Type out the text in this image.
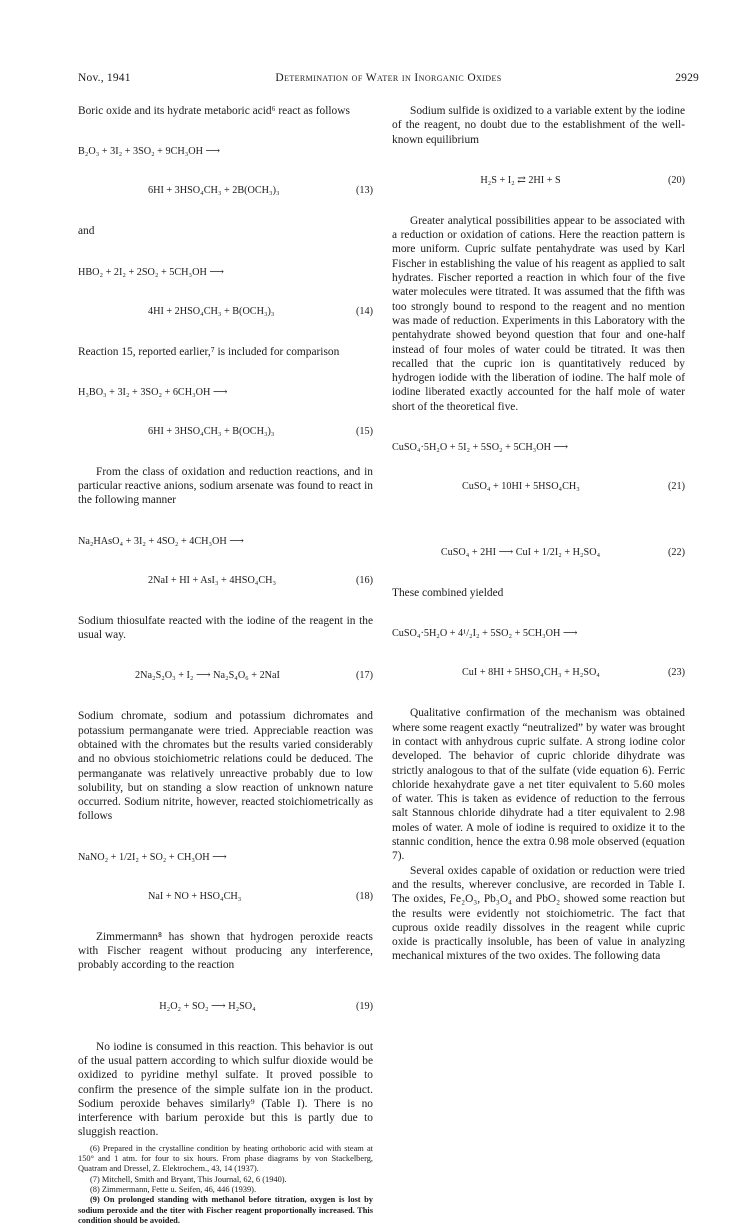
Nov., 1941	Determination of Water in Inorganic Oxides	2929

Boric oxide and its hydrate metaboric acid⁶ react as follows

B₂O₃ + 3I₂ + 3SO₂ + 9CH₃OH ⟶

6HI + 3HSO₄CH₃ + 2B(OCH₃)₃	(13)

and

HBO₂ + 2I₂ + 2SO₂ + 5CH₃OH ⟶

4HI + 2HSO₄CH₃ + B(OCH₃)₃	(14)

Reaction 15, reported earlier,⁷ is included for comparison

H₃BO₃ + 3I₂ + 3SO₂ + 6CH₃OH ⟶

6HI + 3HSO₄CH₃ + B(OCH₃)₃	(15)

From the class of oxidation and reduction reactions, and in particular reactive anions, sodium arsenate was found to react in the following manner

Na₂HAsO₄ + 3I₂ + 4SO₂ + 4CH₃OH ⟶

2NaI + HI + AsI₃ + 4HSO₄CH₃	(16)

Sodium thiosulfate reacted with the iodine of the reagent in the usual way.

2Na₂S₂O₃ + I₂ ⟶ Na₂S₄O₆ + 2NaI	(17)

Sodium chromate, sodium and potassium dichromates and potassium permanganate were tried. Appreciable reaction was obtained with the chromates but the results varied considerably and no obvious stoichiometric relations could be deduced. The permanganate was relatively unreactive probably due to low solubility, but on standing a slow reaction of unknown nature occurred. Sodium nitrite, however, reacted stoichiometrically as follows

NaNO₂ + 1/2I₂ + SO₂ + CH₃OH ⟶

NaI + NO + HSO₄CH₃	(18)

Zimmermann⁸ has shown that hydrogen peroxide reacts with Fischer reagent without producing any interference, probably according to the reaction

H₂O₂ + SO₂ ⟶ H₂SO₄	(19)

No iodine is consumed in this reaction. This behavior is out of the usual pattern according to which sulfur dioxide would be oxidized to pyridine methyl sulfate. It proved possible to confirm the presence of the simple sulfate ion in the product. Sodium peroxide behaves similarly⁹ (Table I). There is no interference with barium peroxide but this is partly due to sluggish reaction.

(6) Prepared in the crystalline condition by heating orthoboric acid with steam at 150° and 1 atm. for four to six hours. From phase diagrams by von Stackelberg, Quatram and Dressel, Z. Elektrochem., 43, 14 (1937).

(7) Mitchell, Smith and Bryant, This Journal, 62, 6 (1940).

(8) Zimmermann, Fette u. Seifen, 46, 446 (1939).

(9) On prolonged standing with methanol before titration, oxygen is lost by sodium peroxide and the titer with Fischer reagent proportionally increased. This condition should be avoided.

Sodium sulfide is oxidized to a variable extent by the iodine of the reagent, no doubt due to the establishment of the well-known equilibrium

H₂S + I₂ ⇄ 2HI + S	(20)

Greater analytical possibilities appear to be associated with a reduction or oxidation of cations. Here the reaction pattern is more uniform. Cupric sulfate pentahydrate was used by Karl Fischer in establishing the value of his reagent as applied to salt hydrates. Fischer reported a reaction in which four of the five water molecules were titrated. It was assumed that the fifth was too strongly bound to respond to the reagent and no mention was made of reduction. Experiments in this Laboratory with the pentahydrate showed beyond question that four and one-half instead of four moles of water could be titrated. It was then recalled that the cupric ion is quantitatively reduced by hydrogen iodide with the liberation of iodine. The half mole of iodine liberated exactly accounted for the half mole of water short of the theoretical five.

CuSO₄·5H₂O + 5I₂ + 5SO₂ + 5CH₃OH ⟶

CuSO₄ + 10HI + 5HSO₄CH₃	(21)

CuSO₄ + 2HI ⟶ CuI + 1/2I₂ + H₂SO₄	(22)

These combined yielded

CuSO₄·5H₂O + 4¹/₂I₂ + 5SO₂ + 5CH₃OH ⟶

CuI + 8HI + 5HSO₄CH₃ + H₂SO₄	(23)

Qualitative confirmation of the mechanism was obtained where some reagent exactly “neutralized” by water was brought in contact with anhydrous cupric sulfate. A strong iodine color developed. The behavior of cupric chloride dihydrate was strictly analogous to that of the sulfate (vide equation 6). Ferric chloride hexahydrate gave a net titer equivalent to 5.60 moles of water. This is taken as evidence of reduction to the ferrous salt Stannous chloride dihydrate had a titer equivalent to 2.98 moles of water. A mole of iodine is required to oxidize it to the stannic condition, hence the extra 0.98 mole observed (equation 7).

Several oxides capable of oxidation or reduction were tried and the results, wherever conclusive, are recorded in Table I. The oxides, Fe₂O₃, Pb₃O₄ and PbO₂ showed some reaction but the results were evidently not stoichiometric. The fact that cuprous oxide readily dissolves in the reagent while cupric oxide is practically insoluble, has been of value in analyzing mechanical mixtures of the two oxides. The following data
